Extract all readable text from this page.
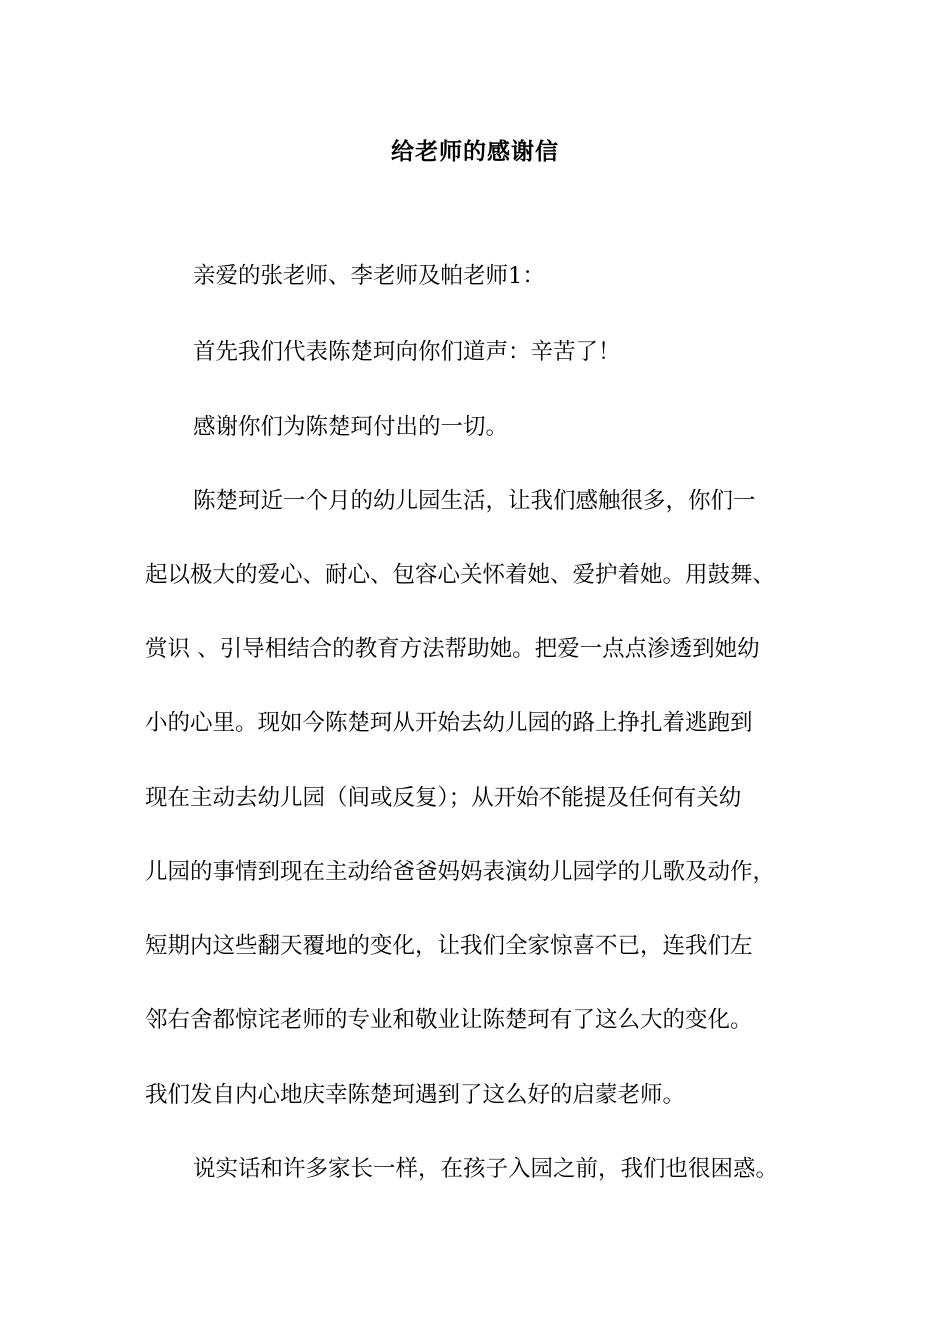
给老师的感谢信
亲爱的张老师、李老师及帕老师1：
首先我们代表陈楚珂向你们道声：辛苦了！
感谢你们为陈楚珂付出的一切。
陈楚珂近一个月的幼儿园生活，让我们感触很多，你们一
起以极大的爱心、耐心、包容心关怀着她、爱护着她。用鼓舞、
赏识 、引导相结合的教育方法帮助她。把爱一点点渗透到她幼
小的心里。现如今陈楚珂从开始去幼儿园的路上挣扎着逃跑到
现在主动去幼儿园（间或反复）；从开始不能提及任何有关幼
儿园的事情到现在主动给爸爸妈妈表演幼儿园学的儿歌及动作，
短期内这些翻天覆地的变化，让我们全家惊喜不已，连我们左
邻右舍都惊诧老师的专业和敬业让陈楚珂有了这么大的变化。
我们发自内心地庆幸陈楚珂遇到了这么好的启蒙老师。
说实话和许多家长一样，在孩子入园之前，我们也很困惑。
